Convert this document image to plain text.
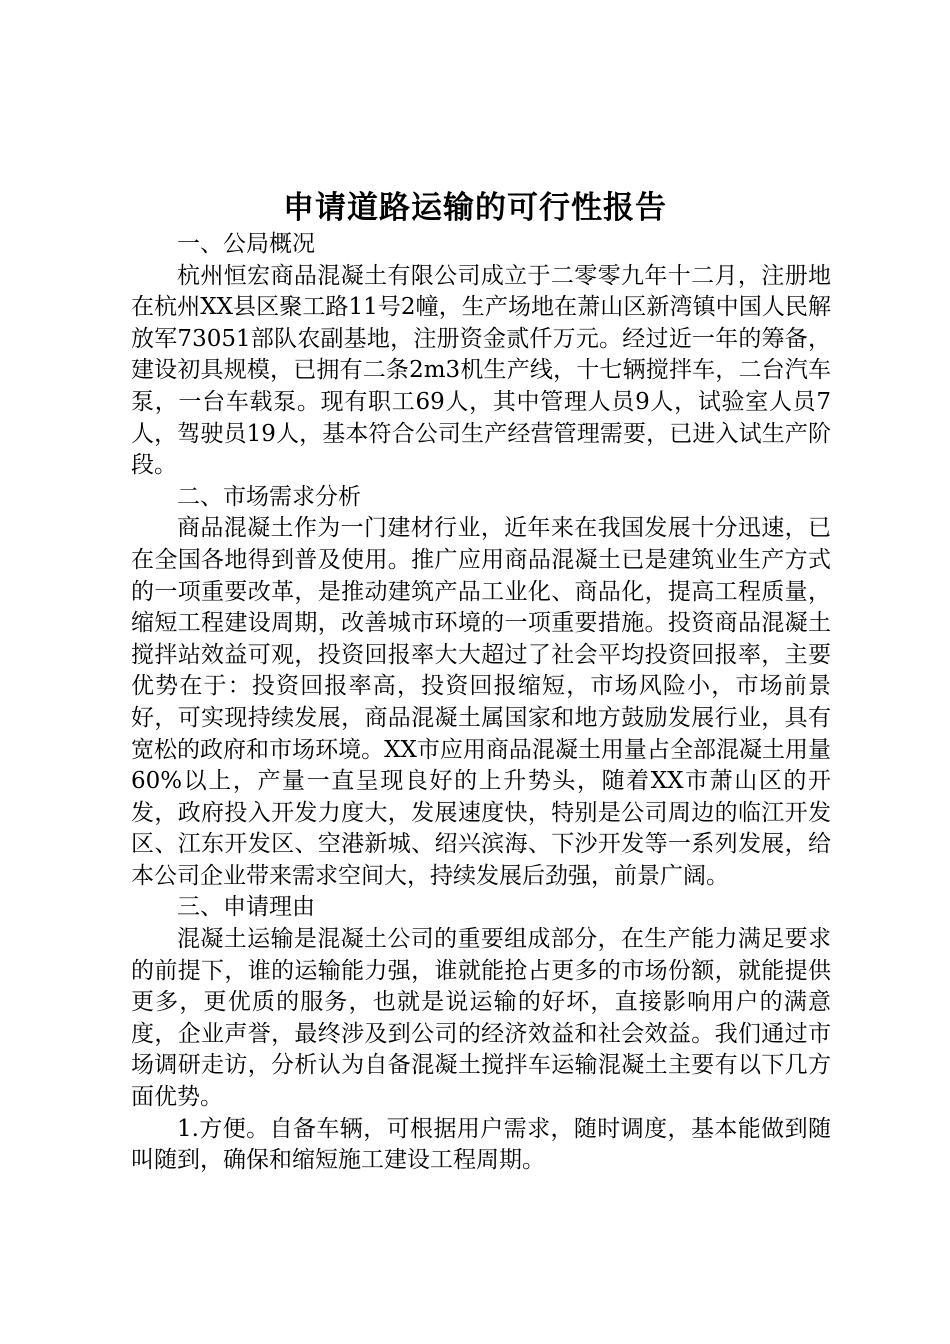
申请道路运输的可行性报告

一、公局概况

杭州恒宏商品混凝土有限公司成立于二零零九年十二月，注册地在杭州XX县区聚工路11号2幢，生产场地在萧山区新湾镇中国人民解放军73051部队农副基地，注册资金贰仟万元。经过近一年的筹备，建设初具规模，已拥有二条2m3机生产线，十七辆搅拌车，二台汽车泵，一台车载泵。现有职工69人，其中管理人员9人，试验室人员7人，驾驶员19人，基本符合公司生产经营管理需要，已进入试生产阶段。

二、市场需求分析

商品混凝土作为一门建材行业，近年来在我国发展十分迅速，已在全国各地得到普及使用。推广应用商品混凝土已是建筑业生产方式的一项重要改革，是推动建筑产品工业化、商品化，提高工程质量，缩短工程建设周期，改善城市环境的一项重要措施。投资商品混凝土搅拌站效益可观，投资回报率大大超过了社会平均投资回报率，主要优势在于：投资回报率高，投资回报缩短，市场风险小，市场前景好，可实现持续发展，商品混凝土属国家和地方鼓励发展行业，具有宽松的政府和市场环境。XX市应用商品混凝土用量占全部混凝土用量60%以上，产量一直呈现良好的上升势头，随着XX市萧山区的开发，政府投入开发力度大，发展速度快，特别是公司周边的临江开发区、江东开发区、空港新城、绍兴滨海、下沙开发等一系列发展，给本公司企业带来需求空间大，持续发展后劲强，前景广阔。

三、申请理由

混凝土运输是混凝土公司的重要组成部分，在生产能力满足要求的前提下，谁的运输能力强，谁就能抢占更多的市场份额，就能提供更多，更优质的服务，也就是说运输的好坏，直接影响用户的满意度，企业声誉，最终涉及到公司的经济效益和社会效益。我们通过市场调研走访，分析认为自备混凝土搅拌车运输混凝土主要有以下几方面优势。

1.方便。自备车辆，可根据用户需求，随时调度，基本能做到随叫随到，确保和缩短施工建设工程周期。
